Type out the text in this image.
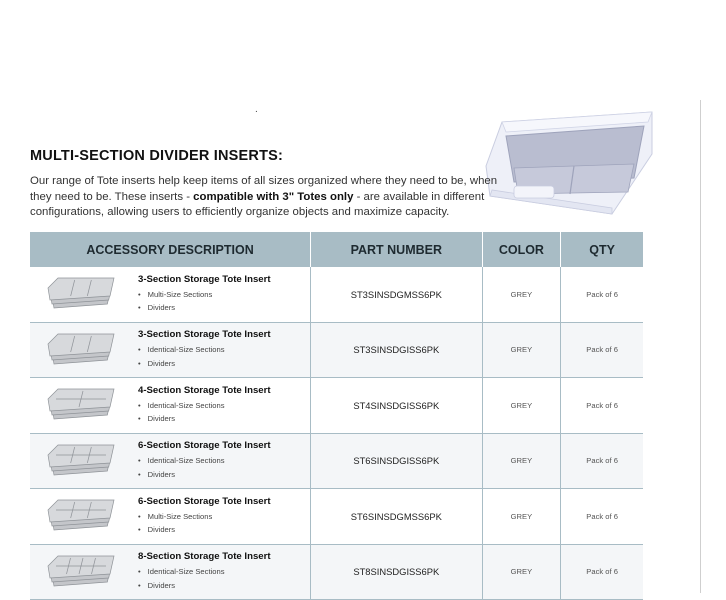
.
MULTI-SECTION DIVIDER INSERTS:
Our range of Tote inserts help keep items of all sizes organized where they need to be, when they need to be. These inserts - compatible with 3" Totes only - are available in different configurations, allowing users to efficiently organize objects and maximize capacity.
ACCESSORY DESCRIPTION	PART NUMBER	COLOR	QTY
3-Section Storage Tote Insert
• Multi-Size Sections
• Dividers
ST3SINSDGMSS6PK	GREY	Pack of 6
3-Section Storage Tote Insert
• Identical-Size Sections
• Dividers
ST3SINSDGISS6PK	GREY	Pack of 6
4-Section Storage Tote Insert
• Identical-Size Sections
• Dividers
ST4SINSDGISS6PK	GREY	Pack of 6
6-Section Storage Tote Insert
• Identical-Size Sections
• Dividers
ST6SINSDGISS6PK	GREY	Pack of 6
6-Section Storage Tote Insert
• Multi-Size Sections
• Dividers
ST6SINSDGMSS6PK	GREY	Pack of 6
8-Section Storage Tote Insert
• Identical-Size Sections
• Dividers
ST8SINSDGISS6PK	GREY	Pack of 6
